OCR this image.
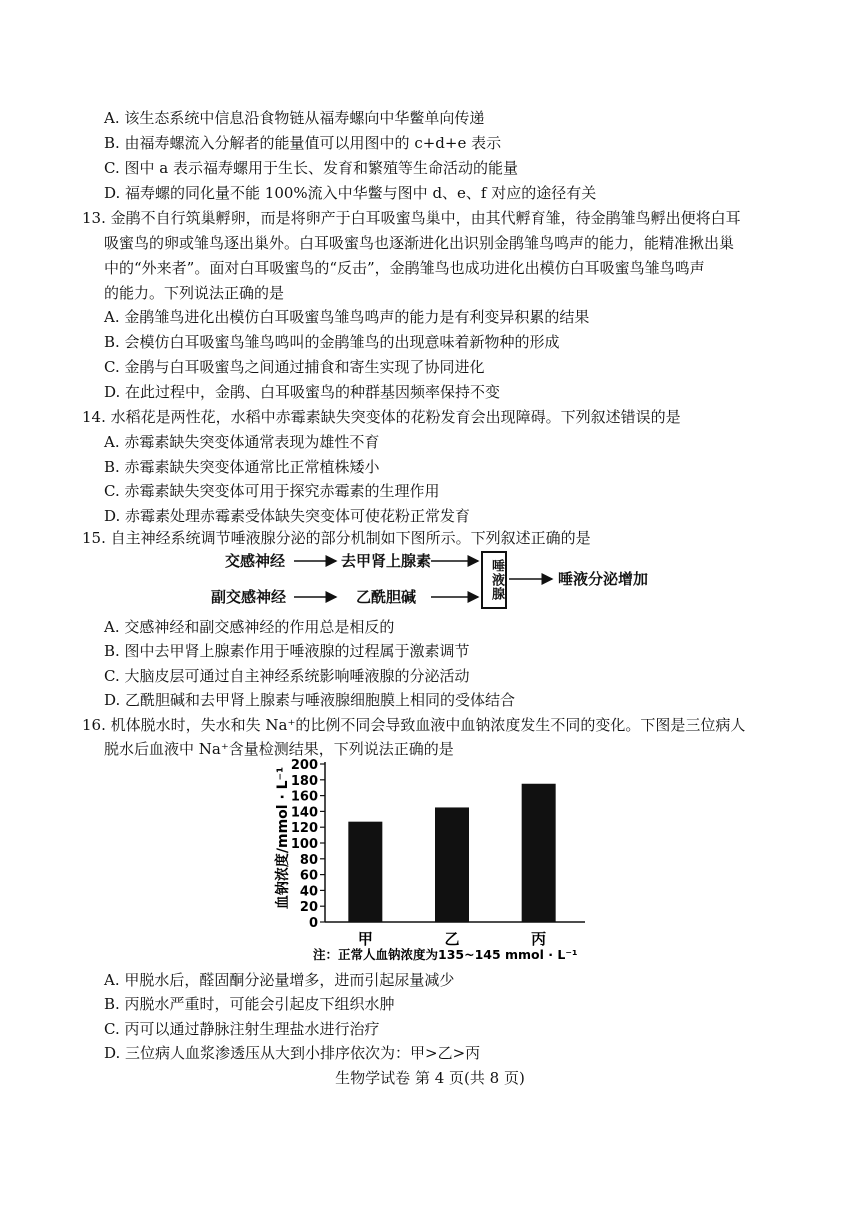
A. 该生态系统中信息沿食物链从福寿螺向中华鳖单向传递
B. 由福寿螺流入分解者的能量值可以用图中的 c+d+e 表示
C. 图中 a 表示福寿螺用于生长、发育和繁殖等生命活动的能量
D. 福寿螺的同化量不能 100%流入中华鳖与图中 d、e、f 对应的途径有关
13. 金鹃不自行筑巢孵卵，而是将卵产于白耳吸蜜鸟巢中，由其代孵育雏，待金鹃雏鸟孵出便将白耳
吸蜜鸟的卵或雏鸟逐出巢外。白耳吸蜜鸟也逐渐进化出识别金鹃雏鸟鸣声的能力，能精准揪出巢
中的“外来者”。面对白耳吸蜜鸟的“反击”，金鹃雏鸟也成功进化出模仿白耳吸蜜鸟雏鸟鸣声
的能力。下列说法正确的是
A. 金鹃雏鸟进化出模仿白耳吸蜜鸟雏鸟鸣声的能力是有利变异积累的结果
B. 会模仿白耳吸蜜鸟雏鸟鸣叫的金鹃雏鸟的出现意味着新物种的形成
C. 金鹃与白耳吸蜜鸟之间通过捕食和寄生实现了协同进化
D. 在此过程中，金鹃、白耳吸蜜鸟的种群基因频率保持不变
14. 水稻花是两性花，水稻中赤霉素缺失突变体的花粉发育会出现障碍。下列叙述错误的是
A. 赤霉素缺失突变体通常表现为雄性不育
B. 赤霉素缺失突变体通常比正常植株矮小
C. 赤霉素缺失突变体可用于探究赤霉素的生理作用
D. 赤霉素处理赤霉素受体缺失突变体可使花粉正常发育
15. 自主神经系统调节唾液腺分泌的部分机制如下图所示。下列叙述正确的是
交感神经	去甲肾上腺素
副交感神经	乙酰胆碱	唾液腺	唾液分泌增加
A. 交感神经和副交感神经的作用总是相反的
B. 图中去甲肾上腺素作用于唾液腺的过程属于激素调节
C. 大脑皮层可通过自主神经系统影响唾液腺的分泌活动
D. 乙酰胆碱和去甲肾上腺素与唾液腺细胞膜上相同的受体结合
16. 机体脱水时，失水和失 Na⁺的比例不同会导致血液中血钠浓度发生不同的变化。下图是三位病人
脱水后血液中 Na⁺含量检测结果，下列说法正确的是
血钠浓度/mmol · L⁻¹
0
20
40
60
80
100
120
140
160
180
200
甲	乙	丙
注：正常人血钠浓度为135~145 mmol · L⁻¹
生物学试卷 第 4 页(共 8 页)
A. 甲脱水后，醛固酮分泌量增多，进而引起尿量减少
B. 丙脱水严重时，可能会引起皮下组织水肿
C. 丙可以通过静脉注射生理盐水进行治疗
D. 三位病人血浆渗透压从大到小排序依次为：甲>乙>丙
